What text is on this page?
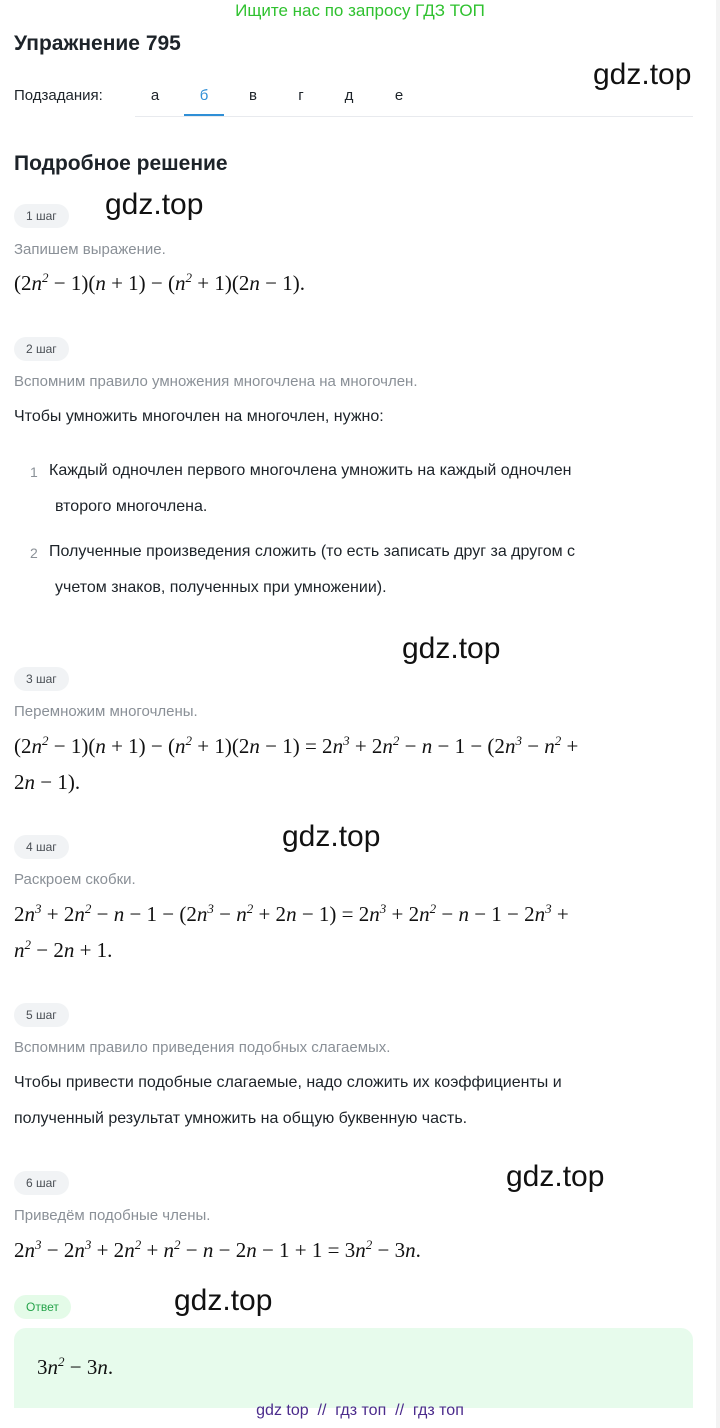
Ищите нас по запросу ГДЗ ТОП
Упражнение 795
gdz.top
Подзадания:	а	б	в	г	д	е
Подробное решение
1 шаг	gdz.top
Запишем выражение.
$(2n^2 - 1)(n + 1) - (n^2 + 1)(2n - 1)$.
2 шаг
Вспомним правило умножения многочлена на многочлен.
Чтобы умножить многочлен на многочлен, нужно:
1 Каждый одночлен первого многочлена умножить на каждый одночлен
второго многочлена.
2 Полученные произведения сложить (то есть записать друг за другом с
учетом знаков, полученных при умножении).
gdz.top
3 шаг
Перемножим многочлены.
$(2n^2 - 1)(n + 1) - (n^2 + 1)(2n - 1) = 2n^3 + 2n^2 - n - 1 - (2n^3 - n^2$ +
2n − 1).
gdz.top
4 шаг
Раскроем скобки.
$2n^3 + 2n^2 - n - 1 - (2n^3 - n^2 + 2n - 1) = 2n^3 + 2n^2 - n - 1 - 2n^3$ +
$n^2 - 2n + 1$.
5 шаг
Вспомним правило приведения подобных слагаемых.
Чтобы привести подобные слагаемые, надо сложить их коэффициенты и
полученный результат умножить на общую буквенную часть.
gdz.top
6 шаг
Приведём подобные члены.
$2n^3 - 2n^3 + 2n^2 + n^2 - n - 2n - 1 + 1 = 3n^2 - 3n$.
Ответ	gdz.top
$3n^2 - 3n$.
gdz top  //  гдз топ  //  гдз топ
